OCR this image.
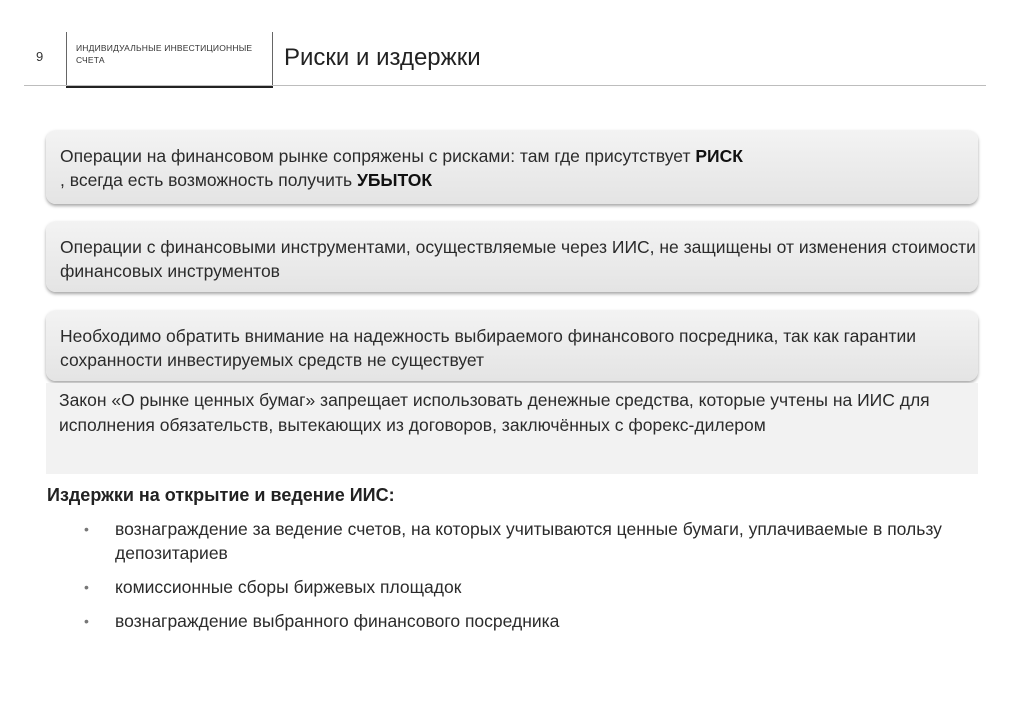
9
ИНДИВИДУАЛЬНЫЕ ИНВЕСТИЦИОННЫЕ СЧЕТА	Риски и издержки
Операции на финансовом рынке сопряжены с рисками: там где присутствует РИСК
, всегда есть возможность получить УБЫТОК
Операции с финансовыми инструментами, осуществляемые через ИИС, не защищены от изменения стоимости финансовых инструментов
Необходимо обратить внимание на надежность выбираемого финансового посредника, так как гарантии сохранности инвестируемых средств не существует
Закон «О рынке ценных бумаг» запрещает использовать денежные средства, которые учтены на ИИС для исполнения обязательств, вытекающих из договоров, заключённых с форекс-дилером
Издержки на открытие и ведение ИИС:
• вознаграждение за ведение счетов, на которых учитываются ценные бумаги, уплачиваемые в пользу депозитариев
• комиссионные сборы биржевых площадок
• вознаграждение выбранного финансового посредника
